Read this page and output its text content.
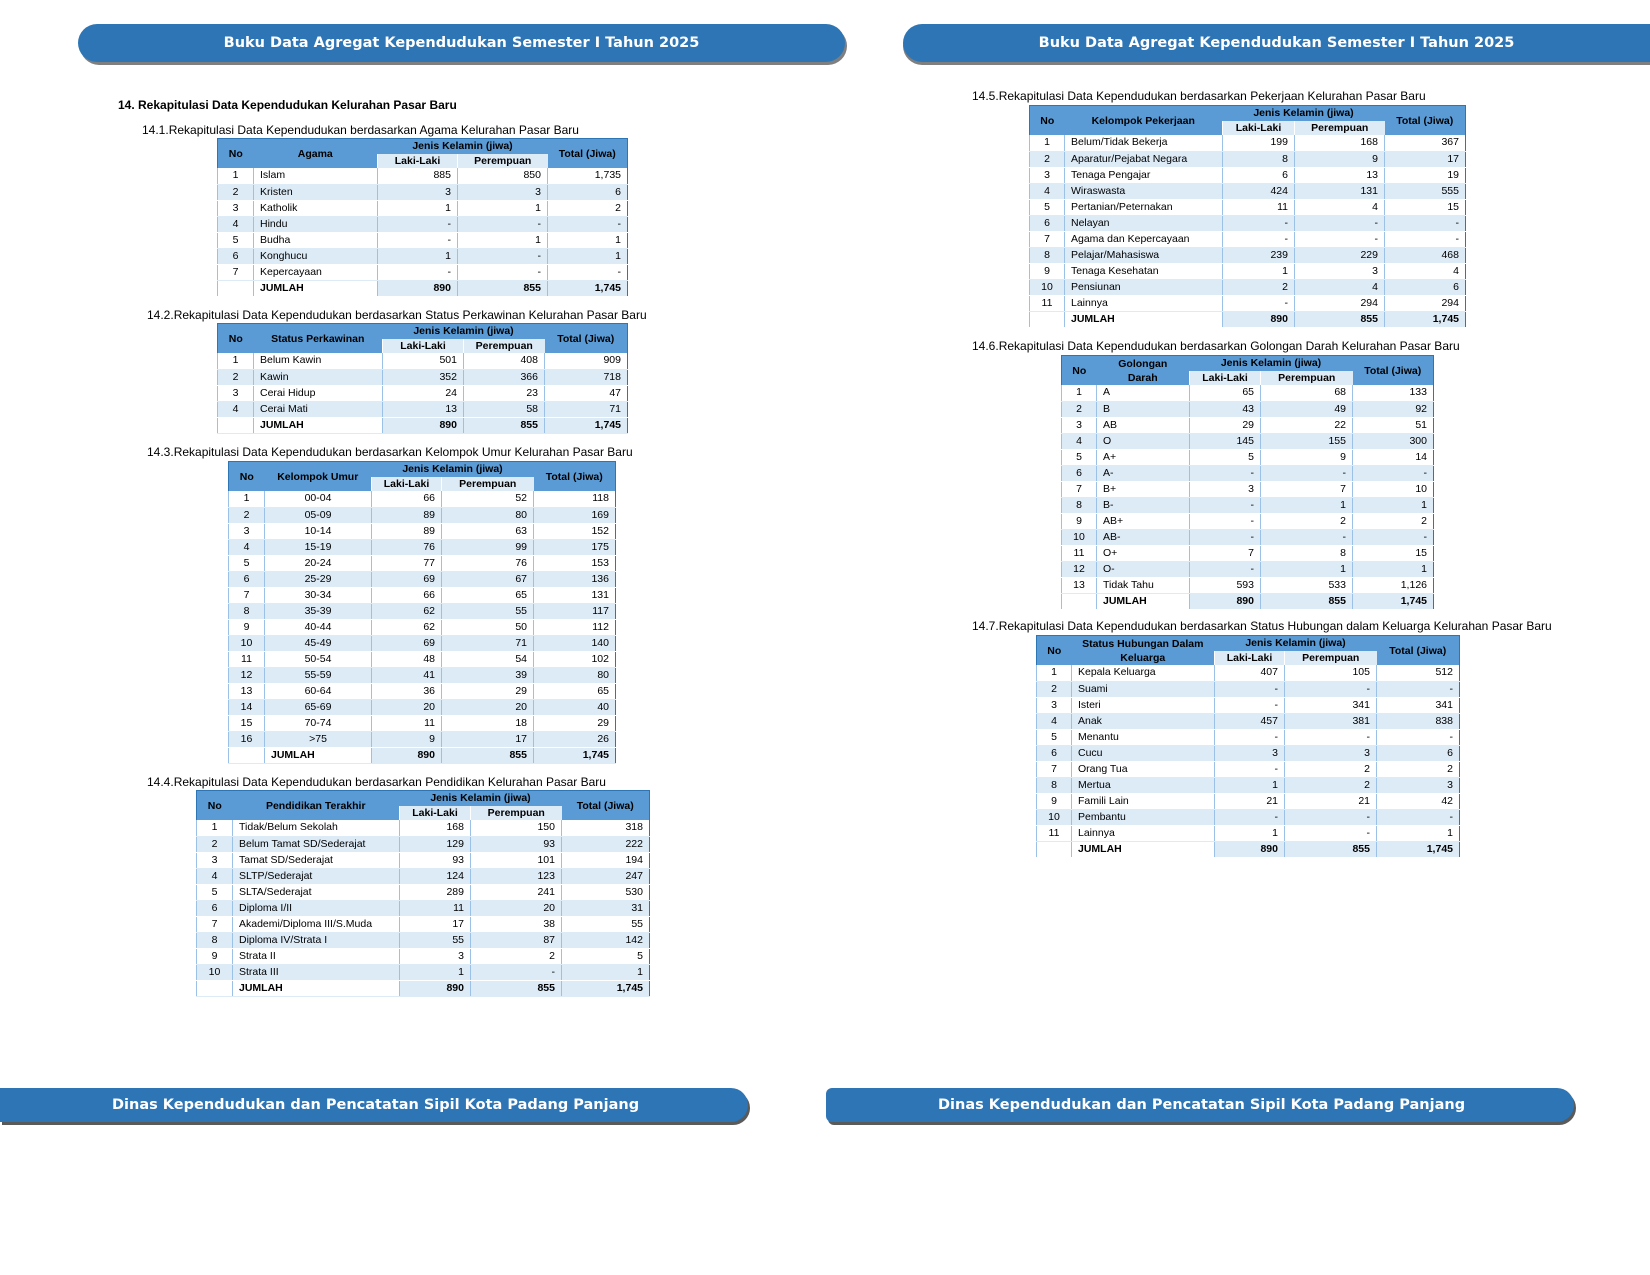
Buku Data Agregat Kependudukan Semester I Tahun 2025	Buku Data Agregat Kependudukan Semester I Tahun 2025
14. Rekapitulasi Data Kependudukan Kelurahan Pasar Baru
14.1.Rekapitulasi Data Kependudukan berdasarkan Agama Kelurahan Pasar Baru
No	Agama	Jenis Kelamin (jiwa)		Total (Jiwa)
		Laki-Laki	Perempuan	
1	Islam	885	850	1,735
2	Kristen	3	3	6
3	Katholik	1	1	2
4	Hindu	-	-	-
5	Budha	-	1	1
6	Konghucu	1	-	1
7	Kepercayaan	-	-	-
	JUMLAH	890	855	1,745
14.2.Rekapitulasi Data Kependudukan berdasarkan Status Perkawinan Kelurahan Pasar Baru
No	Status Perkawinan	Jenis Kelamin (jiwa)		Total (Jiwa)
		Laki-Laki	Perempuan	
1	Belum Kawin	501	408	909
2	Kawin	352	366	718
3	Cerai Hidup	24	23	47
4	Cerai Mati	13	58	71
	JUMLAH	890	855	1,745
14.3.Rekapitulasi Data Kependudukan berdasarkan Kelompok Umur Kelurahan Pasar Baru
No	Kelompok Umur	Jenis Kelamin (jiwa)		Total (Jiwa)
		Laki-Laki	Perempuan	
1	00-04	66	52	118
2	05-09	89	80	169
3	10-14	89	63	152
4	15-19	76	99	175
5	20-24	77	76	153
6	25-29	69	67	136
7	30-34	66	65	131
8	35-39	62	55	117
9	40-44	62	50	112
10	45-49	69	71	140
11	50-54	48	54	102
12	55-59	41	39	80
13	60-64	36	29	65
14	65-69	20	20	40
15	70-74	11	18	29
16	>75	9	17	26
	JUMLAH	890	855	1,745
14.4.Rekapitulasi Data Kependudukan berdasarkan Pendidikan Kelurahan Pasar Baru
No	Pendidikan Terakhir	Jenis Kelamin (jiwa)		Total (Jiwa)
		Laki-Laki	Perempuan	
1	Tidak/Belum Sekolah	168	150	318
2	Belum Tamat SD/Sederajat	129	93	222
3	Tamat SD/Sederajat	93	101	194
4	SLTP/Sederajat	124	123	247
5	SLTA/Sederajat	289	241	530
6	Diploma I/II	11	20	31
7	Akademi/Diploma III/S.Muda	17	38	55
8	Diploma IV/Strata I	55	87	142
9	Strata II	3	2	5
10	Strata III	1	-	1
	JUMLAH	890	855	1,745
14.5.Rekapitulasi Data Kependudukan berdasarkan Pekerjaan Kelurahan Pasar Baru
No	Kelompok Pekerjaan	Jenis Kelamin (jiwa)		Total (Jiwa)
		Laki-Laki	Perempuan	
1	Belum/Tidak Bekerja	199	168	367
2	Aparatur/Pejabat Negara	8	9	17
3	Tenaga Pengajar	6	13	19
4	Wiraswasta	424	131	555
5	Pertanian/Peternakan	11	4	15
6	Nelayan	-	-	-
7	Agama dan Kepercayaan	-	-	-
8	Pelajar/Mahasiswa	239	229	468
9	Tenaga Kesehatan	1	3	4
10	Pensiunan	2	4	6
11	Lainnya	-	294	294
	JUMLAH	890	855	1,745
14.6.Rekapitulasi Data Kependudukan berdasarkan Golongan Darah Kelurahan Pasar Baru
No	Golongan
Darah	Jenis Kelamin (jiwa)		Total (Jiwa)
		Laki-Laki	Perempuan	
1	A	65	68	133
2	B	43	49	92
3	AB	29	22	51
4	O	145	155	300
5	A+	5	9	14
6	A-	-	-	-
7	B+	3	7	10
8	B-	-	1	1
9	AB+	-	2	2
10	AB-	-	-	-
11	O+	7	8	15
12	O-	-	1	1
13	Tidak Tahu	593	533	1,126
	JUMLAH	890	855	1,745
14.7.Rekapitulasi Data Kependudukan berdasarkan Status Hubungan dalam Keluarga Kelurahan Pasar Baru
No	Status Hubungan Dalam
Keluarga	Jenis Kelamin (jiwa)		Total (Jiwa)
		Laki-Laki	Perempuan	
1	Kepala Keluarga	407	105	512
2	Suami	-	-	-
3	Isteri	-	341	341
4	Anak	457	381	838
5	Menantu	-	-	-
6	Cucu	3	3	6
7	Orang Tua	-	2	2
8	Mertua	1	2	3
9	Famili Lain	21	21	42
10	Pembantu	-	-	-
11	Lainnya	1	-	1
	JUMLAH	890	855	1,745
Dinas Kependudukan dan Pencatatan Sipil Kota Padang Panjang	Dinas Kependudukan dan Pencatatan Sipil Kota Padang Panjang
